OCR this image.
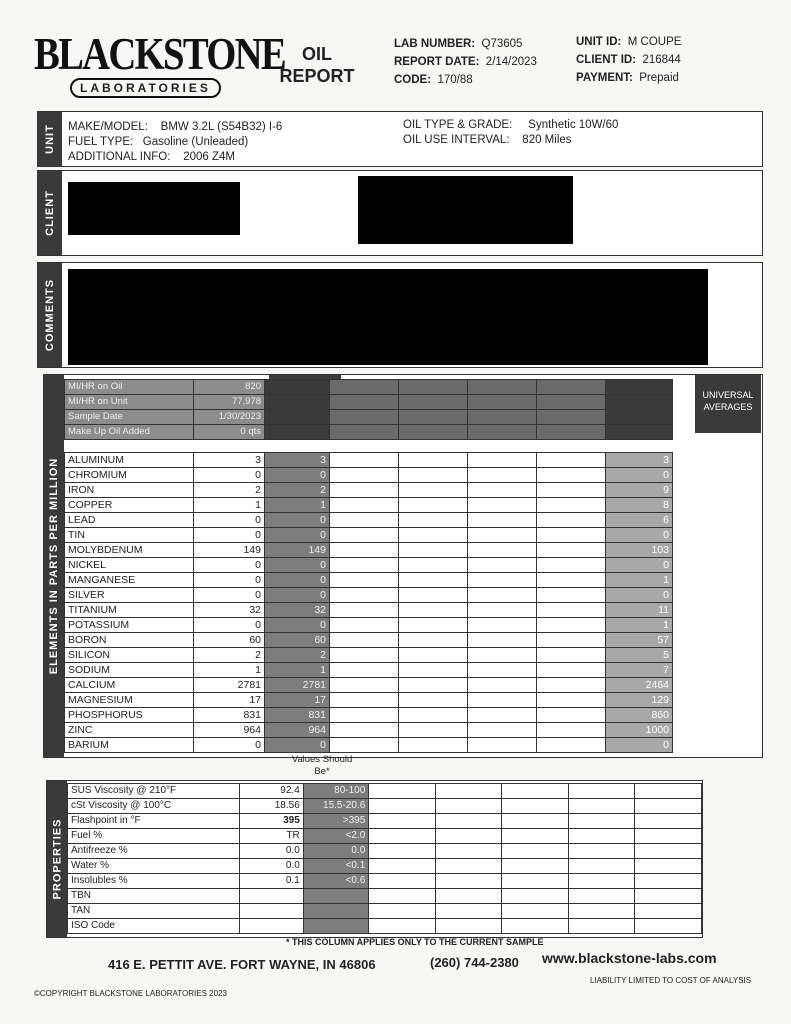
BLACKSTONE
LABORATORIES
OIL
REPORT
LAB NUMBER: Q73605
REPORT DATE: 2/14/2023
CODE: 170/88
UNIT ID: M COUPE
CLIENT ID: 216844
PAYMENT: Prepaid
UNIT MAKE/MODEL: BMW 3.2L (S54B32) I-6
FUEL TYPE: Gasoline (Unleaded)
ADDITIONAL INFO: 2006 Z4M
OIL TYPE & GRADE: Synthetic 10W/60
OIL USE INTERVAL: 820 Miles
CLIENT
COMMENTS
ELEMENTS IN PARTS PER MILLION
UNIVERSAL AVERAGES
MI/HR on Oil	820						
MI/HR on Unit	77,978						
Sample Date	1/30/2023						
Make Up Oil Added	0 qts						

ALUMINUM	3	3					3
CHROMIUM	0	0					0
IRON	2	2					9
COPPER	1	1					8
LEAD	0	0					6
TIN	0	0					0
MOLYBDENUM	149	149					103
NICKEL	0	0					0
MANGANESE	0	0					1
SILVER	0	0					0
TITANIUM	32	32					11
POTASSIUM	0	0					1
BORON	60	60					57
SILICON	2	2					5
SODIUM	1	1					7
CALCIUM	2781	2781					2464
MAGNESIUM	17	17					129
PHOSPHORUS	831	831					860
ZINC	964	964					1000
BARIUM	0	0					0
Values Should Be*
PROPERTIES
SUS Viscosity @ 210°F	92.4	80-100					
cSt Viscosity @ 100°C	18.56	15.5-20.6					
Flashpoint in °F	395	>395					
Fuel %	TR	<2.0					
Antifreeze %	0.0	0.0					
Water %	0.0	<0.1					
Insolubles %	0.1	<0.6					
TBN							
TAN							
ISO Code							
* THIS COLUMN APPLIES ONLY TO THE CURRENT SAMPLE
416 E. PETTIT AVE. FORT WAYNE, IN 46806	(260) 744-2380 www.blackstone-labs.com
LIABILITY LIMITED TO COST OF ANALYSIS
©COPYRIGHT BLACKSTONE LABORATORIES 2023
